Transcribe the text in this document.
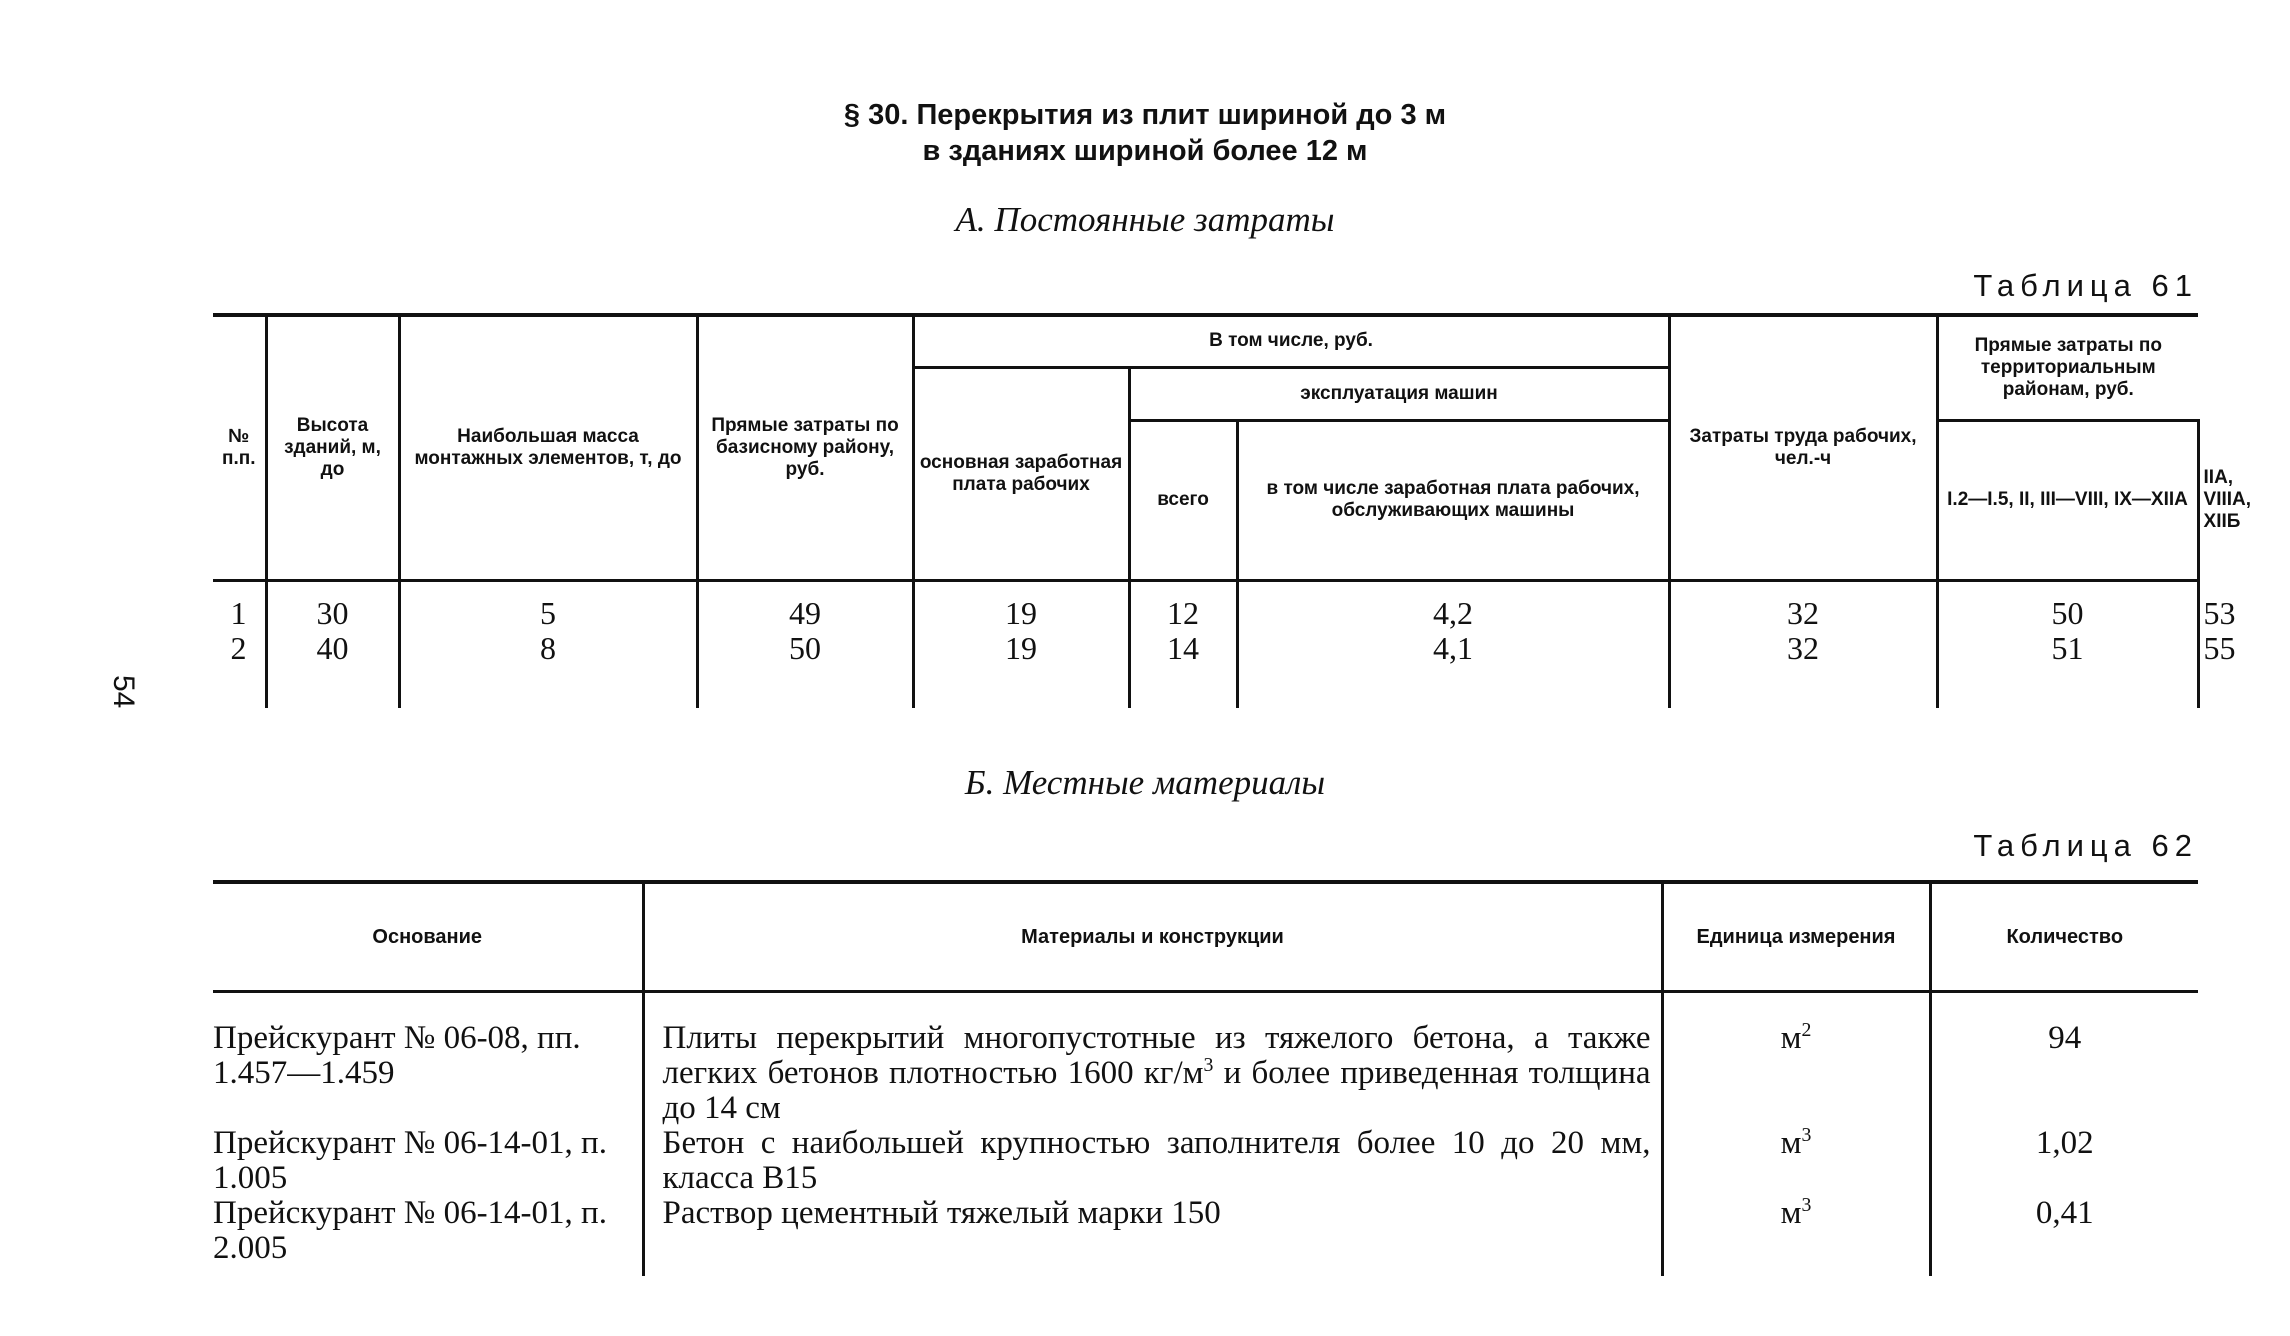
§ 30. Перекрытия из плит шириной до 3 м
в зданиях шириной более 12 м
А. Постоянные затраты
Таблица 61
54
№ п.п.	Высота зданий, м, до	Наибольшая масса монтажных элементов, т, до	Прямые затраты по базисному району, руб.	В том числе, руб.			Затраты труда рабочих, чел.-ч	Прямые затраты по территориальным районам, руб.	
				основная заработная плата рабочих	эксплуатация машин				
					всего	в том числе заработная плата рабочих, обслуживающих машины		I.2—I.5, II, III—VIII, IX—XIIA	IIA, VIIIA, XIIБ
1	30	5	49	19	12	4,2	32	50	53
2	40	8	50	19	14	4,1	32	51	55
Б. Местные материалы
Таблица 62
Основание	Материалы и конструкции	Единица измерения	Количество
Прейскурант № 06-08, пп. 1.457—1.459	Плиты перекрытий многопустотные из тяжелого бетона, а также легких бетонов плотностью 1600 $кг/м^3$ и более приведенная толщина до 14 см	$м^2$	94
Прейскурант № 06-14-01, п. 1.005	Бетон с наибольшей крупностью заполнителя более 10 до 20 мм, класса В15	$м^3$	1,02
Прейскурант № 06-14-01, п. 2.005	Раствор цементный тяжелый марки 150	$м^3$	0,41
